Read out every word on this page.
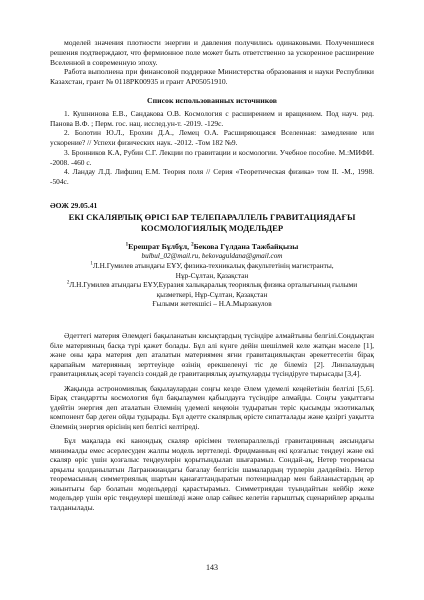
моделей значения плотности энергии и давления получились одинаковыми. Полученшиеся решения подтверждают, что фермионное поле может быть ответственно за ускоренное расширение Вселенной в современную эпоху.

Работа выполнена при финансовой поддержке Министерства образования и науки Республики Казахстан, грант № 0118РК00935 и грант АР05051910.

Список использованных источников

1. Кушнинова Е.В., Сандакова О.В. Космология с расширением и вращением. Под науч. ред. Панова В.Ф. ; Перм. гос. нац. исслед.ун-т. -2019. -129с.

2. Болотин Ю.Л., Ерохин Д.А., Лемец О.А. Расширяющаяся Вселенная: замедление или ускорение? // Успехи физических наук. -2012. -Том 182 №9.

3. Бронников К.А, Рубин С.Г. Лекции по гравитации и космологии. Учебное пособие. М.:МИФИ. -2008. -460 с.

4. Ландау Л.Д. Лифшиц Е.М. Теория поля // Серия «Теоретическая физика» том II. -М., 1998. -504с.

ӘОЖ 29.05.41
ЕКІ СКАЛЯРЛЫҚ ӨРІСІ БАР ТЕЛЕПАРАЛЛЕЛЬ ГРАВИТАЦИЯДАҒЫ
КОСМОЛОГИЯЛЫҚ МОДЕЛЬДЕР
$^1$Ерешрат Бұлбұл, $^2$Бекова Гүлдана Тажбайқызы
bulbul_02@mail.ru, bekovaguldana@gmail.com
$^1$Л.Н.Гумилев атындағы ЕҰУ, физика-техникалық факультетінің магистранты,
Нұр-Сұлтан, Қазақстан
$^2$Л.Н.Гумилев атындағы ЕҰУ,Еуразия халықаралық теориялық физика орталығының ғылыми
қызметкері, Нұр-Сұлтан, Қазақстан
Ғылыми жетекшісі – Н.А.Мырзакулов

Әдеттегі материя Әлемдегі бақыланатын кисықтардың түсіндіре алмайтыны белгілі.Сондықтан біле материяның басқа түрі қажет болады. Бұл алі күнге дейін шешілмей келе жатқан мәселе [1], және оны қара материя деп аталатын материямен яғни гравитациялықтан әрекеттесетін бірақ қарапайым материяның зерттеуінде өзінің ерекшеленуі тіс де білеміз [2]. Линзалаудың гравитациялық әсері тәуелсіз сондай де гравитациялық ауытқуларды түсіндіруге тырысады [3,4].

Жақында астрономиялық бақылаулардан соңғы кезде Әлем үдемелі кеңейетінін белгілі [5,6]. Бірақ стандартты космология бұл бақылаумен қабылдауға түсіндіре алмайды. Соңғы уақыттағы үдейтін энергия деп аталатын Әлемнің үдемелі кеңеюін тудыратын теріс қысымды экзотикалық компонент бар деген ойды тудырады. Бұл әдетте скалярлық өрісте сипатталады және қазіргі уақытта Әлемнің энергия өрісінің кеп белгісі келтіреді.

Бұл мақалада екі канондық скаляр өрісімен телепараллельді гравитацияның аясындағы минималды емес әсерлесуден жалпы модель зерттеледі. Фридманның екі қозғалыс теңдеуі және екі скаляр өріс үшін қозғалыс теңдеулерін қорытындылап шығарамыз. Сондай-ақ, Нетер теоремасы арқылы қолданылатын Лагранжиандағы бағалау белгісін шамалардың турлерін дәлдейміз. Нетер теоремасының симметриялық шартын қанағаттандыратын потенциалдар мен байланыстардың әр жиынтығы бар болатын модельдерді қарастырамыз. Симметриядан туындайтын кейбір жеке модельдер үшін өріс теңдеулері шешіледі және олар сәйкес келетін ғарыштық сценарийлер арқылы талданылады.

143
